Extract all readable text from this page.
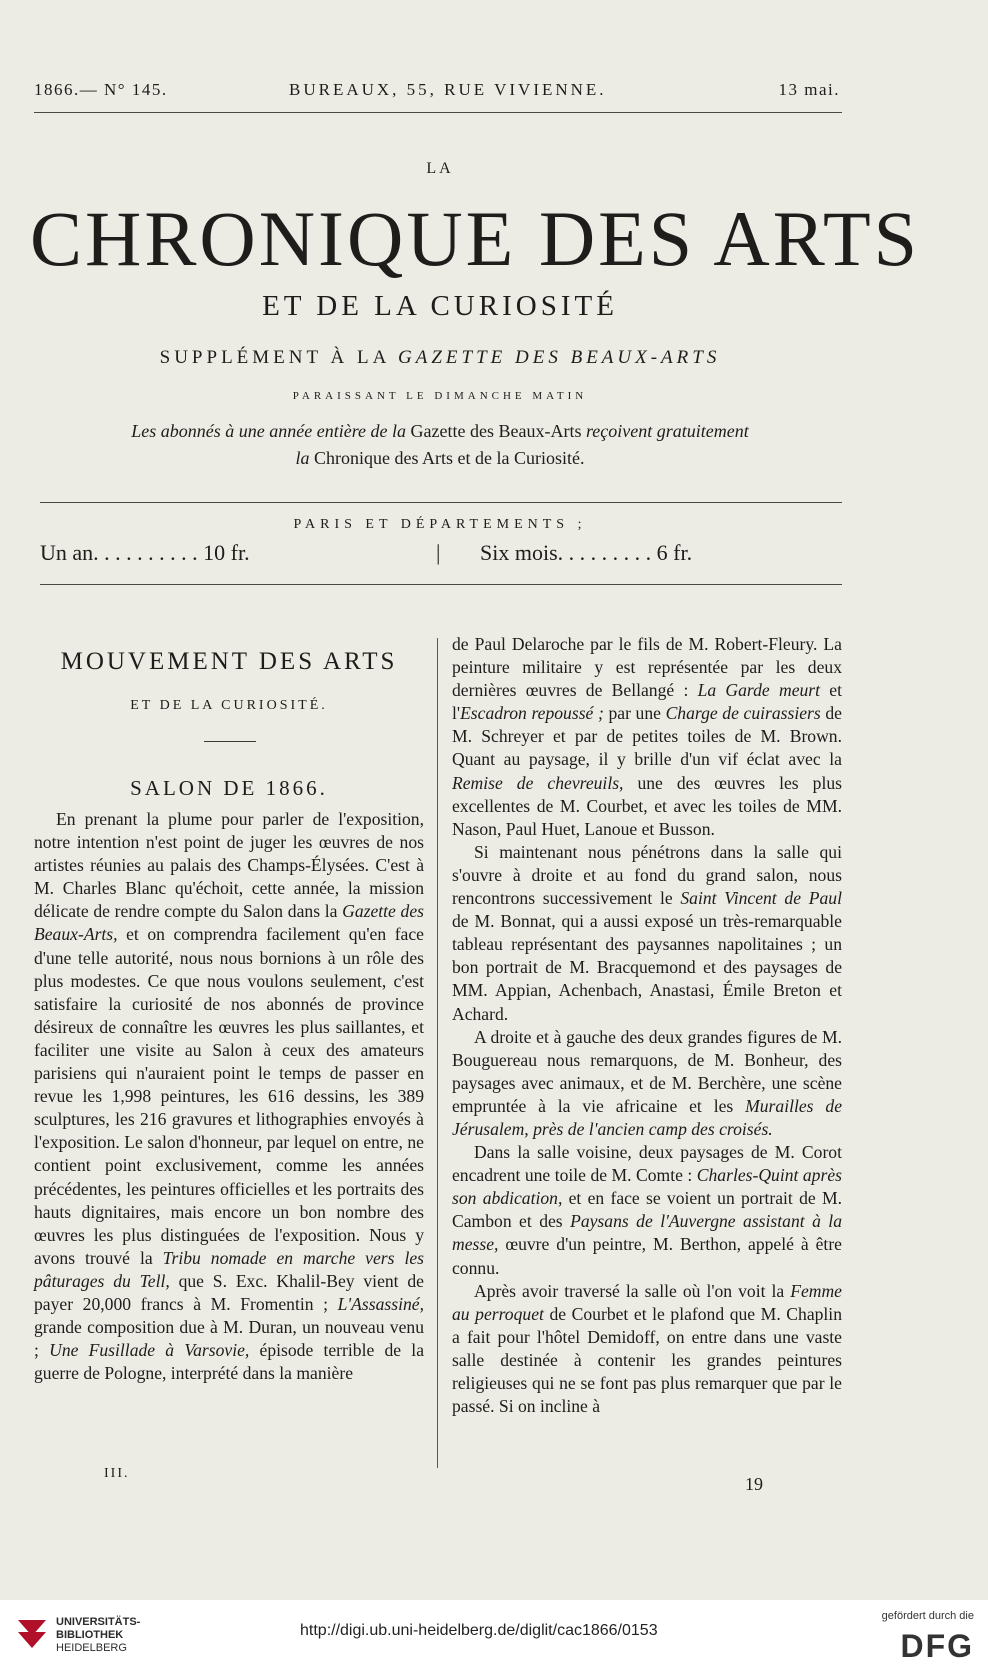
1866.— N° 145.	BUREAUX, 55, RUE VIVIENNE.	13 mai.
LA
CHRONIQUE DES ARTS
ET DE LA CURIOSITÉ
SUPPLÉMENT À LA GAZETTE DES BEAUX-ARTS
PARAISSANT LE DIMANCHE MATIN
Les abonnés à une année entière de la Gazette des Beaux-Arts reçoivent gratuitement
la Chronique des Arts et de la Curiosité.
PARIS ET DÉPARTEMENTS ;
Un an. . . . . . . . . . 10 fr.	| Six mois. . . . . . . . . 6 fr.
MOUVEMENT DES ARTS
ET DE LA CURIOSITÉ.
SALON DE 1866.

En prenant la plume pour parler de l'exposition, notre intention n'est point de juger les œuvres de nos artistes réunies au palais des Champs-Élysées. C'est à M. Charles Blanc qu'échoit, cette année, la mission délicate de rendre compte du Salon dans la Gazette des Beaux-Arts, et on comprendra facilement qu'en face d'une telle autorité, nous nous bornions à un rôle des plus modestes. Ce que nous voulons seulement, c'est satisfaire la curiosité de nos abonnés de province désireux de connaître les œuvres les plus saillantes, et faciliter une visite au Salon à ceux des amateurs parisiens qui n'auraient point le temps de passer en revue les 1,998 peintures, les 616 dessins, les 389 sculptures, les 216 gravures et lithographies envoyés à l'exposition. Le salon d'honneur, par lequel on entre, ne contient point exclusivement, comme les années précédentes, les peintures officielles et les portraits des hauts dignitaires, mais encore un bon nombre des œuvres les plus distinguées de l'exposition. Nous y avons trouvé la Tribu nomade en marche vers les pâturages du Tell, que S. Exc. Khalil-Bey vient de payer 20,000 francs à M. Fromentin ; L'Assassiné, grande composition due à M. Duran, un nouveau venu ; Une Fusillade à Varsovie, épisode terrible de la guerre de Pologne, interprété dans la manière

de Paul Delaroche par le fils de M. Robert-Fleury. La peinture militaire y est représentée par les deux dernières œuvres de Bellangé : La Garde meurt et l'Escadron repoussé ; par une Charge de cuirassiers de M. Schreyer et par de petites toiles de M. Brown. Quant au paysage, il y brille d'un vif éclat avec la Remise de chevreuils, une des œuvres les plus excellentes de M. Courbet, et avec les toiles de MM. Nason, Paul Huet, Lanoue et Busson.

Si maintenant nous pénétrons dans la salle qui s'ouvre à droite et au fond du grand salon, nous rencontrons successivement le Saint Vincent de Paul de M. Bonnat, qui a aussi exposé un très-remarquable tableau représentant des paysannes napolitaines ; un bon portrait de M. Bracquemond et des paysages de MM. Appian, Achenbach, Anastasi, Émile Breton et Achard.

A droite et à gauche des deux grandes figures de M. Bouguereau nous remarquons, de M. Bonheur, des paysages avec animaux, et de M. Berchère, une scène empruntée à la vie africaine et les Murailles de Jérusalem, près de l'ancien camp des croisés.

Dans la salle voisine, deux paysages de M. Corot encadrent une toile de M. Comte : Charles-Quint après son abdication, et en face se voient un portrait de M. Cambon et des Paysans de l'Auvergne assistant à la messe, œuvre d'un peintre, M. Berthon, appelé à être connu.

Après avoir traversé la salle où l'on voit la Femme au perroquet de Courbet et le plafond que M. Chaplin a fait pour l'hôtel Demidoff, on entre dans une vaste salle destinée à contenir les grandes peintures religieuses qui ne se font pas plus remarquer que par le passé. Si on incline à

III.
19
UNIVERSITÄTS-
BIBLIOTHEK
HEIDELBERG
http://digi.ub.uni-heidelberg.de/diglit/cac1866/0153
gefördert durch die
DFG
